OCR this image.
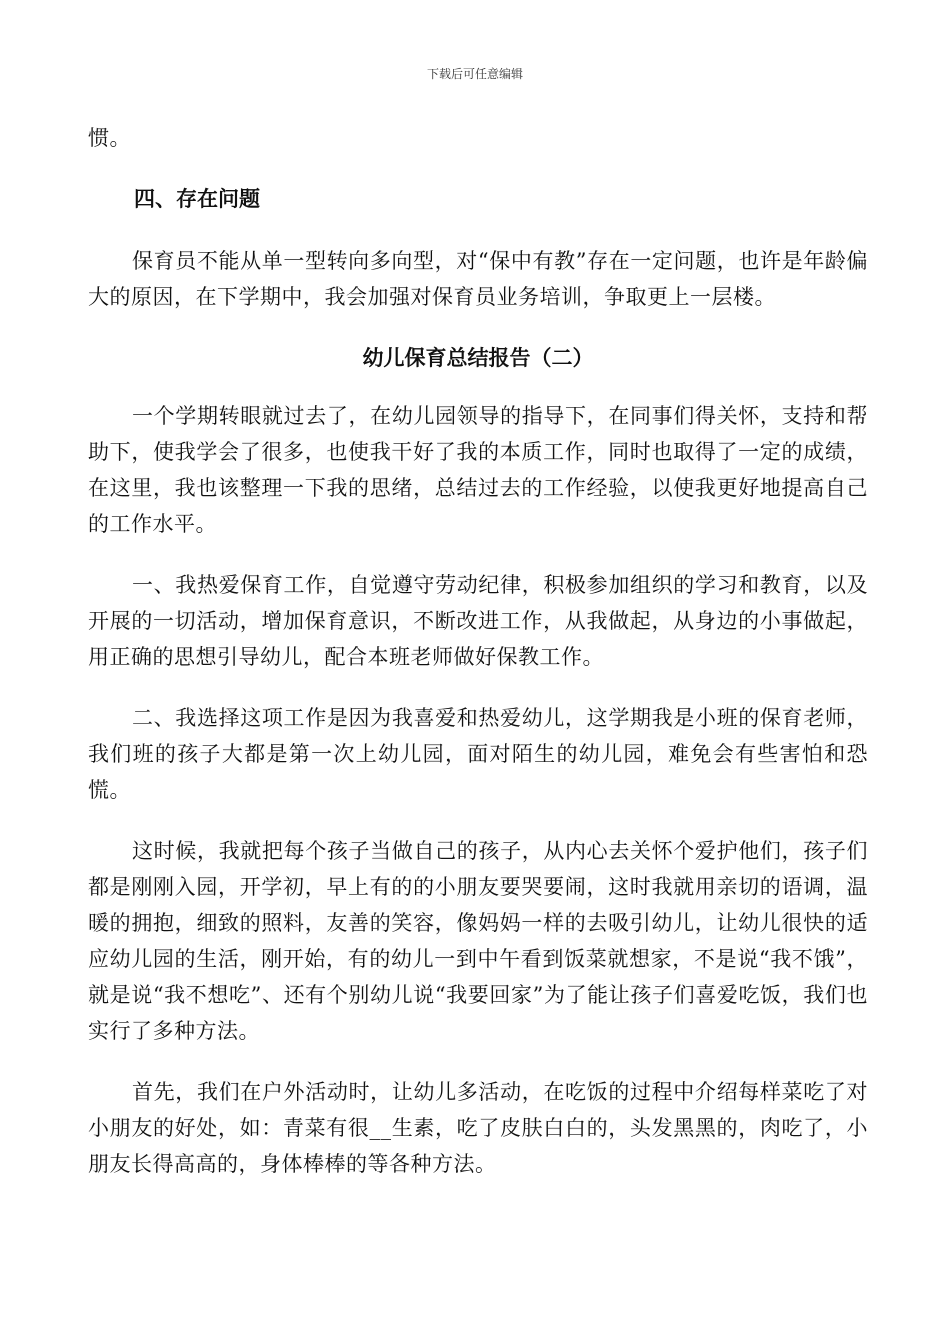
下载后可任意编辑

惯。

四、存在问题

保育员不能从单一型转向多向型，对“保中有教”存在一定问题，也许是年龄偏大的原因，在下学期中，我会加强对保育员业务培训，争取更上一层楼。

幼儿保育总结报告（二）

一个学期转眼就过去了，在幼儿园领导的指导下，在同事们得关怀，支持和帮助下，使我学会了很多，也使我干好了我的本质工作，同时也取得了一定的成绩，在这里，我也该整理一下我的思绪，总结过去的工作经验，以使我更好地提高自己的工作水平。

一、我热爱保育工作，自觉遵守劳动纪律，积极参加组织的学习和教育，以及开展的一切活动，增加保育意识，不断改进工作，从我做起，从身边的小事做起，用正确的思想引导幼儿，配合本班老师做好保教工作。

二、我选择这项工作是因为我喜爱和热爱幼儿，这学期我是小班的保育老师，我们班的孩子大都是第一次上幼儿园，面对陌生的幼儿园，难免会有些害怕和恐慌。

这时候，我就把每个孩子当做自己的孩子，从内心去关怀个爱护他们，孩子们都是刚刚入园，开学初，早上有的的小朋友要哭要闹，这时我就用亲切的语调，温暖的拥抱，细致的照料，友善的笑容，像妈妈一样的去吸引幼儿，让幼儿很快的适应幼儿园的生活，刚开始，有的幼儿一到中午看到饭菜就想家，不是说“我不饿”，就是说“我不想吃”、还有个别幼儿说“我要回家”为了能让孩子们喜爱吃饭，我们也实行了多种方法。

首先，我们在户外活动时，让幼儿多活动，在吃饭的过程中介绍每样菜吃了对小朋友的好处，如：青菜有很__生素，吃了皮肤白白的，头发黑黑的，肉吃了，小朋友长得高高的，身体棒棒的等各种方法。
